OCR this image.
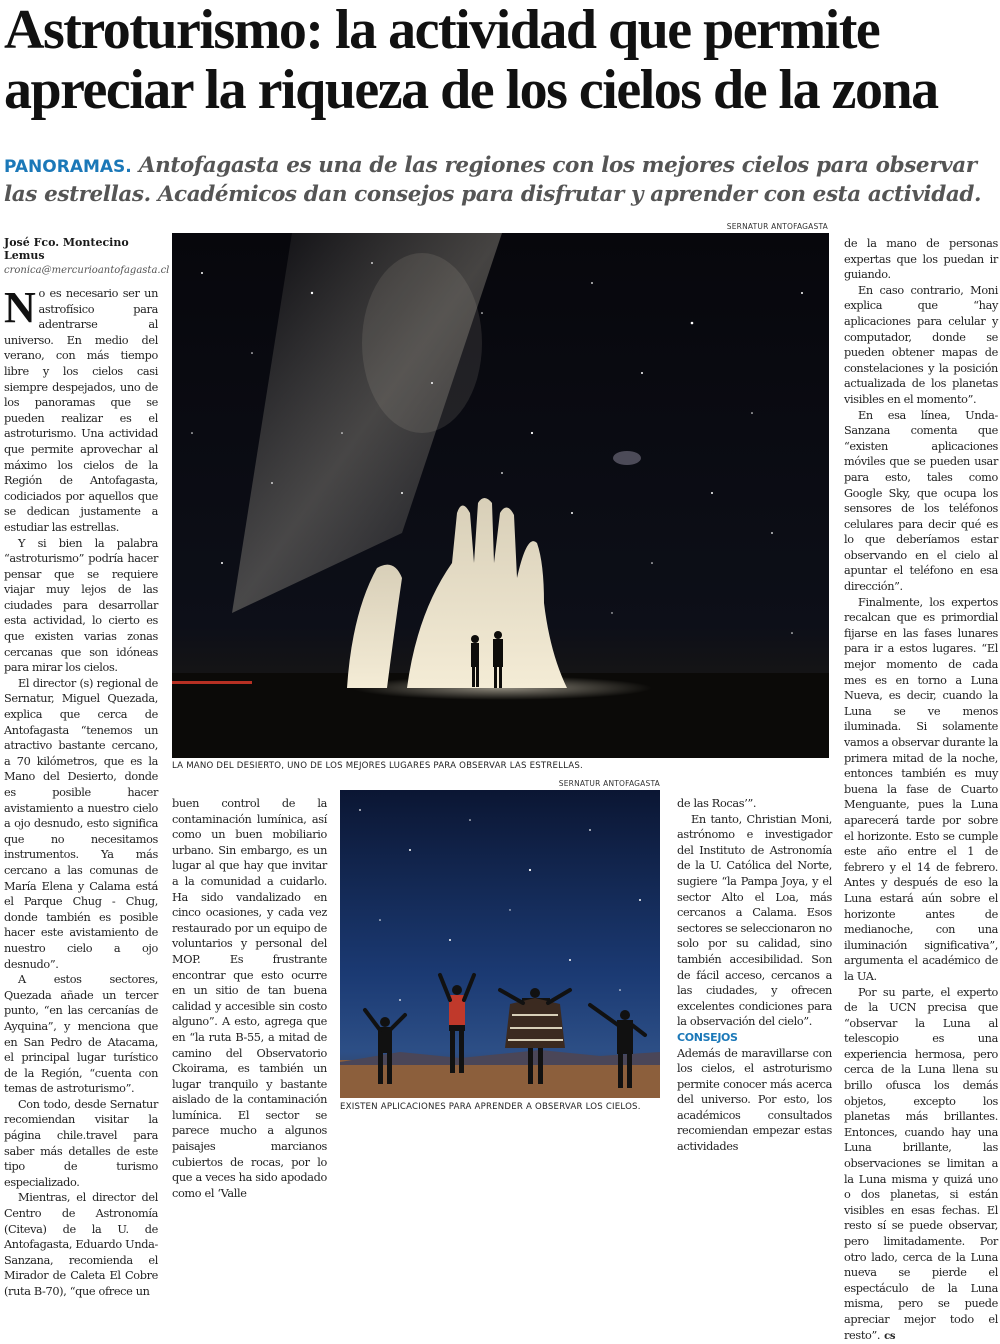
Astroturismo: la actividad que permite
apreciar la riqueza de los cielos de la zona
PANORAMAS. Antofagasta es una de las regiones con los mejores cielos para observar las estrellas. Académicos dan consejos para disfrutar y aprender con esta actividad.

José Fco. Montecino Lemus

cronica@mercurioantofagasta.cl

No es necesario ser un astrofísico para adentrarse al universo. En medio del verano, con más tiempo libre y los cielos casi siempre despejados, uno de los panoramas que se pueden realizar es el astroturismo. Una actividad que permite aprovechar al máximo los cielos de la Región de Antofagasta, codiciados por aquellos que se dedican justamente a estudiar las estrellas.

Y si bien la palabra “astroturismo” podría hacer pensar que se requiere viajar muy lejos de las ciudades para desarrollar esta actividad, lo cierto es que existen varias zonas cercanas que son idóneas para mirar los cielos.

El director (s) regional de Sernatur, Miguel Quezada, explica que cerca de Antofagasta “tenemos un atractivo bastante cercano, a 70 kilómetros, que es la Mano del Desierto, donde es posible hacer avistamiento a nuestro cielo a ojo desnudo, esto significa que no necesitamos instrumentos. Ya más cercano a las comunas de María Elena y Calama está el Parque Chug - Chug, donde también es posible hacer este avistamiento de nuestro cielo a ojo desnudo”.

A estos sectores, Quezada añade un tercer punto, “en las cercanías de Ayquina”, y menciona que en San Pedro de Atacama, el principal lugar turístico de la Región, “cuenta con temas de astroturismo”.

Con todo, desde Sernatur recomiendan visitar la página chile.travel para saber más detalles de este tipo de turismo especializado.

Mientras, el director del Centro de Astronomía (Citeva) de la U. de Antofagasta, Eduardo Unda-Sanzana, recomienda el Mirador de Caleta El Cobre (ruta B-70), “que ofrece un

SERNATUR ANTOFAGASTA
LA MANO DEL DESIERTO, UNO DE LOS MEJORES LUGARES PARA OBSERVAR LAS ESTRELLAS.

buen control de la contaminación lumínica, así como un buen mobiliario urbano. Sin embargo, es un lugar al que hay que invitar a la comunidad a cuidarlo. Ha sido vandalizado en cinco ocasiones, y cada vez restaurado por un equipo de voluntarios y personal del MOP. Es frustrante encontrar que esto ocurre en un sitio de tan buena calidad y accesible sin costo alguno”. A esto, agrega que en “la ruta B-55, a mitad de camino del Observatorio Ckoirama, es también un lugar tranquilo y bastante aislado de la contaminación lumínica. El sector se parece mucho a algunos paisajes marcianos cubiertos de rocas, por lo que a veces ha sido apodado como el ‘Valle

SERNATUR ANTOFAGASTA
EXISTEN APLICACIONES PARA APRENDER A OBSERVAR LOS CIELOS.

de las Rocas’”.

En tanto, Christian Moni, astrónomo e investigador del Instituto de Astronomía de la U. Católica del Norte, sugiere “la Pampa Joya, y el sector Alto el Loa, más cercanos a Calama. Esos sectores se seleccionaron no solo por su calidad, sino también accesibilidad. Son de fácil acceso, cercanos a las ciudades, y ofrecen excelentes condiciones para la observación del cielo”.

CONSEJOS

Además de maravillarse con los cielos, el astroturismo permite conocer más acerca del universo. Por esto, los académicos consultados recomiendan empezar estas actividades

de la mano de personas expertas que los puedan ir guiando.

En caso contrario, Moni explica que “hay aplicaciones para celular y computador, donde se pueden obtener mapas de constelaciones y la posición actualizada de los planetas visibles en el momento”.

En esa línea, Unda-Sanzana comenta que “existen aplicaciones móviles que se pueden usar para esto, tales como Google Sky, que ocupa los sensores de los teléfonos celulares para decir qué es lo que deberíamos estar observando en el cielo al apuntar el teléfono en esa dirección”.

Finalmente, los expertos recalcan que es primordial fijarse en las fases lunares para ir a estos lugares. “El mejor momento de cada mes es en torno a Luna Nueva, es decir, cuando la Luna se ve menos iluminada. Si solamente vamos a observar durante la primera mitad de la noche, entonces también es muy buena la fase de Cuarto Menguante, pues la Luna aparecerá tarde por sobre el horizonte. Esto se cumple este año entre el 1 de febrero y el 14 de febrero. Antes y después de eso la Luna estará aún sobre el horizonte antes de medianoche, con una iluminación significativa”, argumenta el académico de la UA.

Por su parte, el experto de la UCN precisa que “observar la Luna al telescopio es una experiencia hermosa, pero cerca de la Luna llena su brillo ofusca los demás objetos, excepto los planetas más brillantes. Entonces, cuando hay una Luna brillante, las observaciones se limitan a la Luna misma y quizá uno o dos planetas, si están visibles en esas fechas. El resto sí se puede observar, pero limitadamente. Por otro lado, cerca de la Luna nueva se pierde el espectáculo de la Luna misma, pero se puede apreciar mejor todo el resto”. cs
